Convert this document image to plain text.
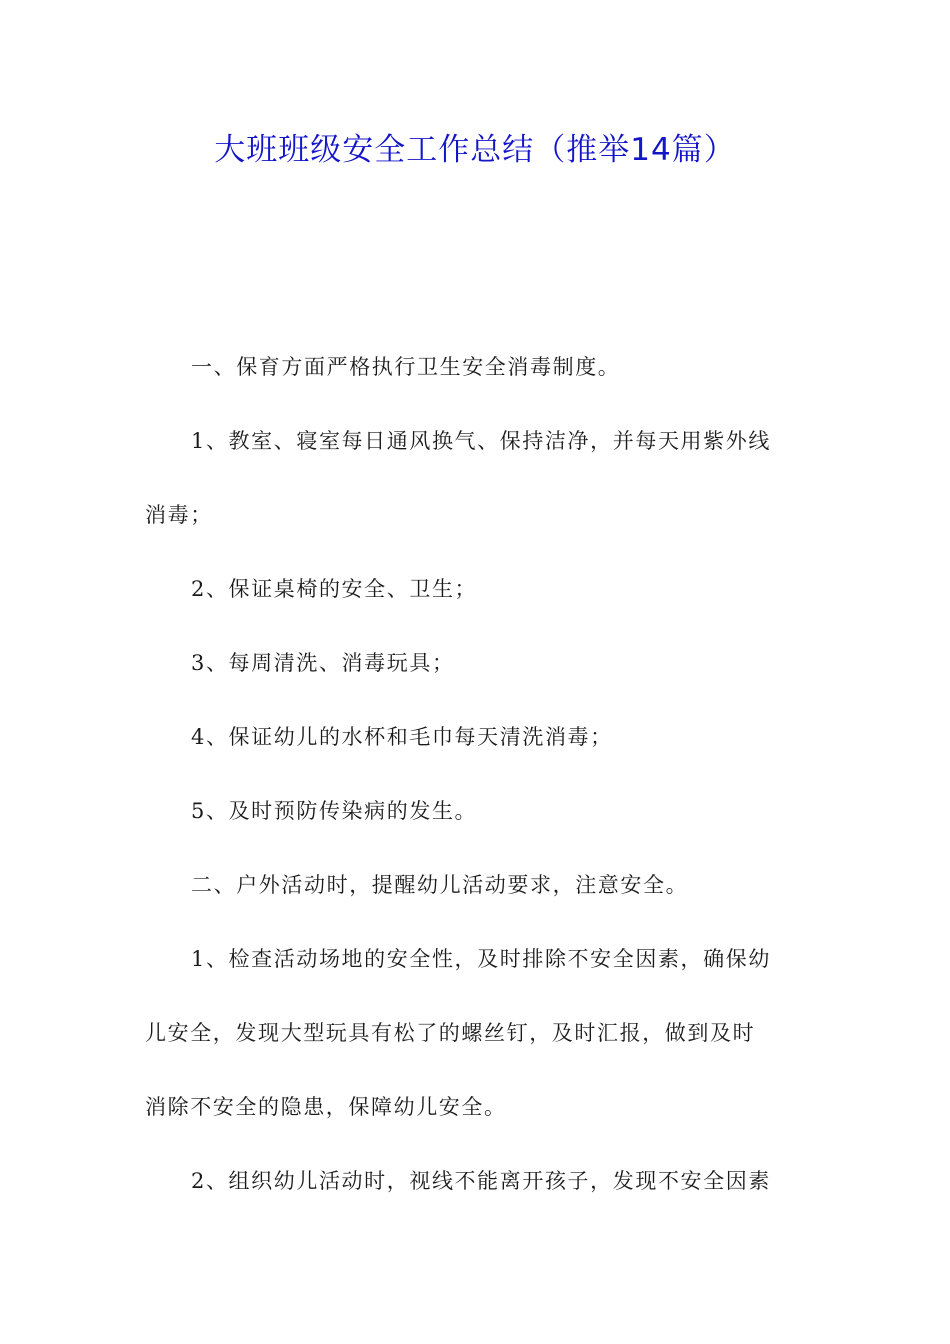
大班班级安全工作总结（推举14篇）
一、保育方面严格执行卫生安全消毒制度。
1、教室、寝室每日通风换气、保持洁净，并每天用紫外线
消毒；
2、保证桌椅的安全、卫生；
3、每周清洗、消毒玩具；
4、保证幼儿的水杯和毛巾每天清洗消毒；
5、及时预防传染病的发生。
二、户外活动时，提醒幼儿活动要求，注意安全。
1、检查活动场地的安全性，及时排除不安全因素，确保幼
儿安全，发现大型玩具有松了的螺丝钉，及时汇报，做到及时
消除不安全的隐患，保障幼儿安全。
2、组织幼儿活动时，视线不能离开孩子，发现不安全因素
